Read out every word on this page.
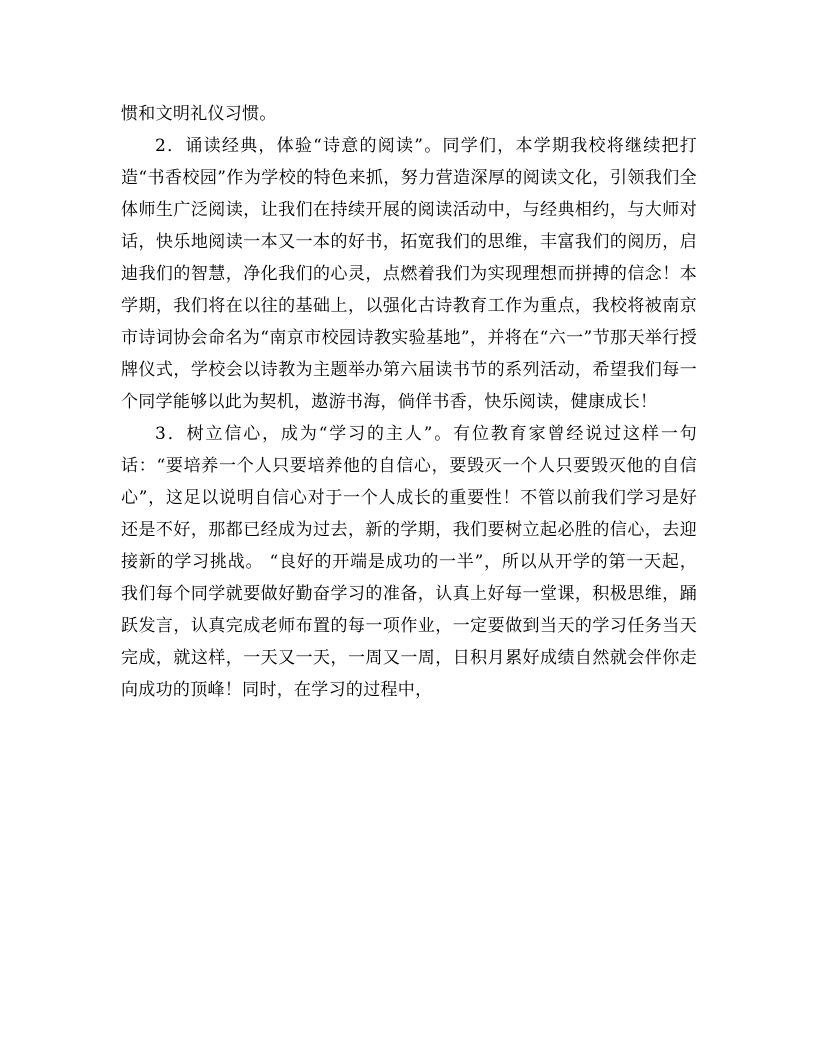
惯和文明礼仪习惯。

2．诵读经典，体验“诗意的阅读”。同学们，本学期我校将继续把打造“书香校园”作为学校的特色来抓，努力营造深厚的阅读文化，引领我们全体师生广泛阅读，让我们在持续开展的阅读活动中，与经典相约，与大师对话，快乐地阅读一本又一本的好书，拓宽我们的思维，丰富我们的阅历，启迪我们的智慧，净化我们的心灵，点燃着我们为实现理想而拼搏的信念！本学期，我们将在以往的基础上，以强化古诗教育工作为重点，我校将被南京市诗词协会命名为“南京市校园诗教实验基地”，并将在“六一”节那天举行授牌仪式，学校会以诗教为主题举办第六届读书节的系列活动，希望我们每一个同学能够以此为契机，遨游书海，倘佯书香，快乐阅读，健康成长！

3．树立信心，成为“学习的主人”。有位教育家曾经说过这样一句话：“要培养一个人只要培养他的自信心，要毁灭一个人只要毁灭他的自信心”，这足以说明自信心对于一个人成长的重要性！不管以前我们学习是好还是不好，那都已经成为过去，新的学期，我们要树立起必胜的信心，去迎接新的学习挑战。 “良好的开端是成功的一半”，所以从开学的第一天起，我们每个同学就要做好勤奋学习的准备，认真上好每一堂课，积极思维，踊跃发言，认真完成老师布置的每一项作业，一定要做到当天的学习任务当天完成，就这样，一天又一天，一周又一周，日积月累好成绩自然就会伴你走向成功的顶峰！同时，在学习的过程中，
